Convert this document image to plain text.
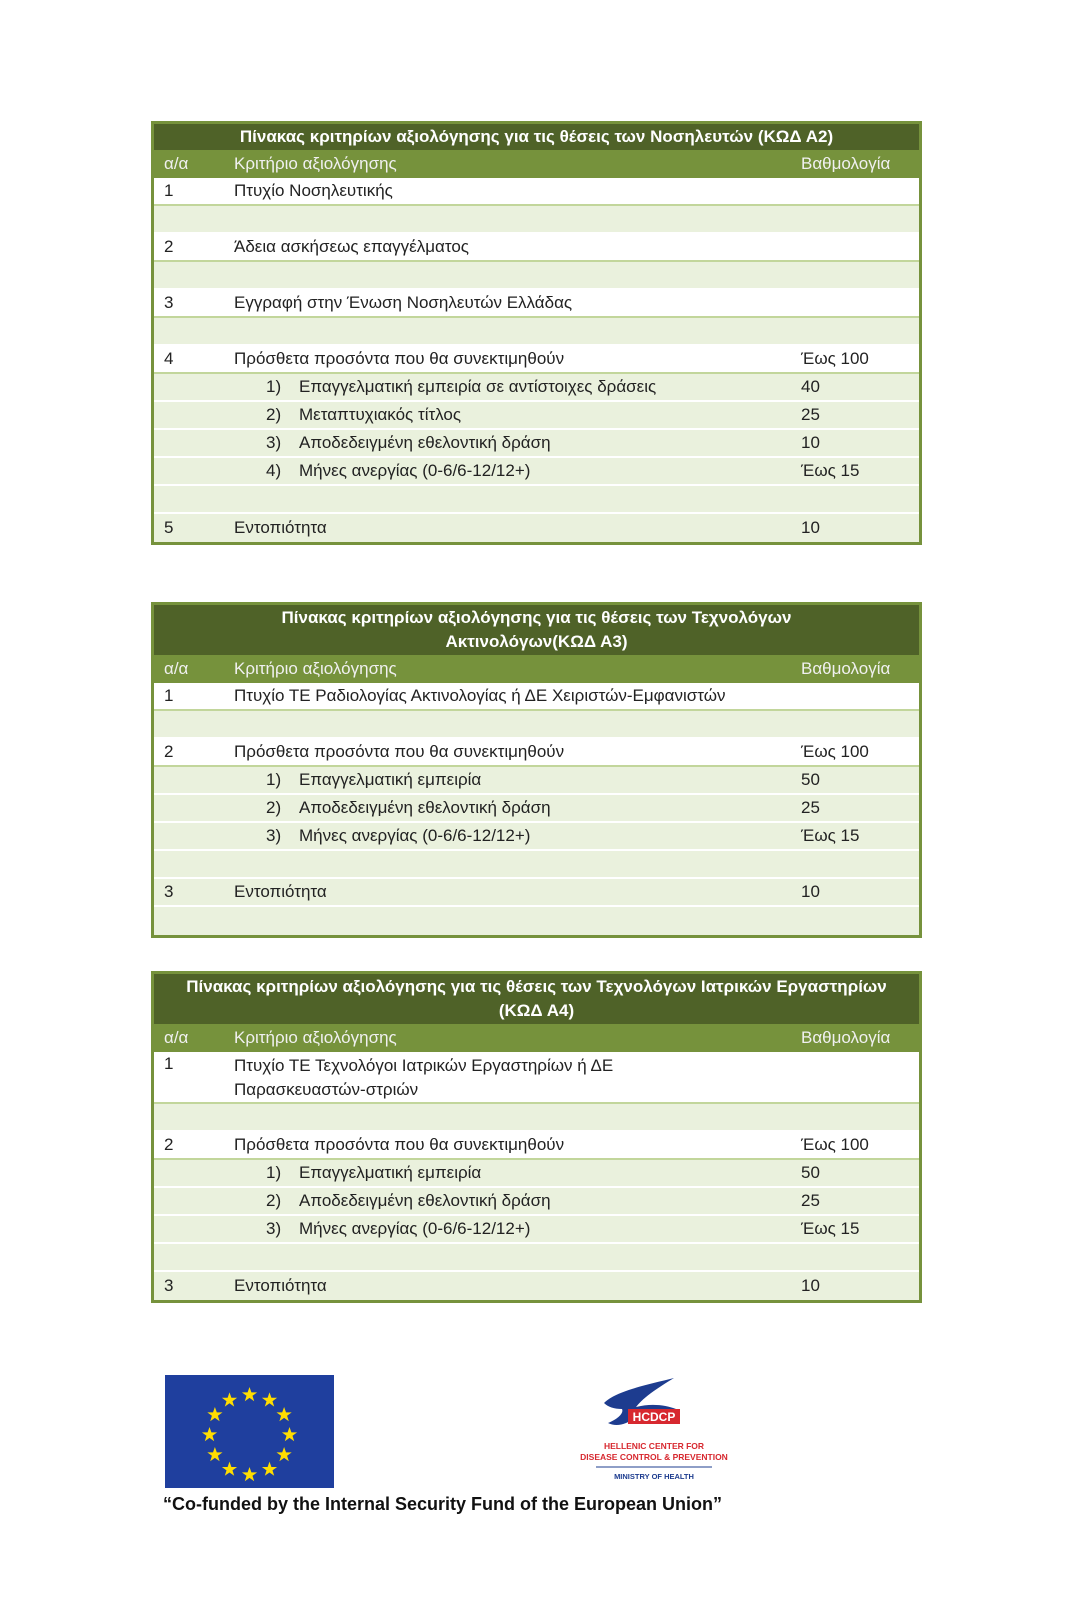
Πίνακας κριτηρίων αξιολόγησης για τις θέσεις των Νοσηλευτών (ΚΩΔ Α2)
α/α	Κριτήριο αξιολόγησης	Βαθμολογία
1	Πτυχίο Νοσηλευτικής
2	Άδεια ασκήσεως επαγγέλματος
3	Εγγραφή στην Ένωση Νοσηλευτών Ελλάδας
4	Πρόσθετα προσόντα που θα συνεκτιμηθούν	Έως 100
1)	Επαγγελματική εμπειρία σε αντίστοιχες δράσεις	40
2)	Μεταπτυχιακός τίτλος	25
3)	Αποδεδειγμένη εθελοντική δράση	10
4)	Μήνες ανεργίας (0-6/6-12/12+)	Έως 15
5	Εντοπιότητα	10
Πίνακας κριτηρίων αξιολόγησης για τις θέσεις των Τεχνολόγων Ακτινολόγων(ΚΩΔ Α3)
α/α	Κριτήριο αξιολόγησης	Βαθμολογία
1	Πτυχίο ΤΕ Ραδιολογίας Ακτινολογίας ή ΔΕ Χειριστών-Εμφανιστών
2	Πρόσθετα προσόντα που θα συνεκτιμηθούν	Έως 100
1)	Επαγγελματική εμπειρία	50
2)	Αποδεδειγμένη εθελοντική δράση	25
3)	Μήνες ανεργίας (0-6/6-12/12+)	Έως 15
3	Εντοπιότητα	10
Πίνακας κριτηρίων αξιολόγησης για τις θέσεις των Τεχνολόγων Ιατρικών Εργαστηρίων (ΚΩΔ Α4)
α/α	Κριτήριο αξιολόγησης	Βαθμολογία
1	Πτυχίο ΤΕ Τεχνολόγοι Ιατρικών Εργαστηρίων ή ΔΕ Παρασκευαστών-στριών
2	Πρόσθετα προσόντα που θα συνεκτιμηθούν	Έως 100
1)	Επαγγελματική εμπειρία	50
2)	Αποδεδειγμένη εθελοντική δράση	25
3)	Μήνες ανεργίας (0-6/6-12/12+)	Έως 15
3	Εντοπιότητα	10
HCDCP
HELLENIC CENTER FOR
DISEASE CONTROL & PREVENTION
MINISTRY OF HEALTH
“Co-funded by the Internal Security Fund of the European Union”
